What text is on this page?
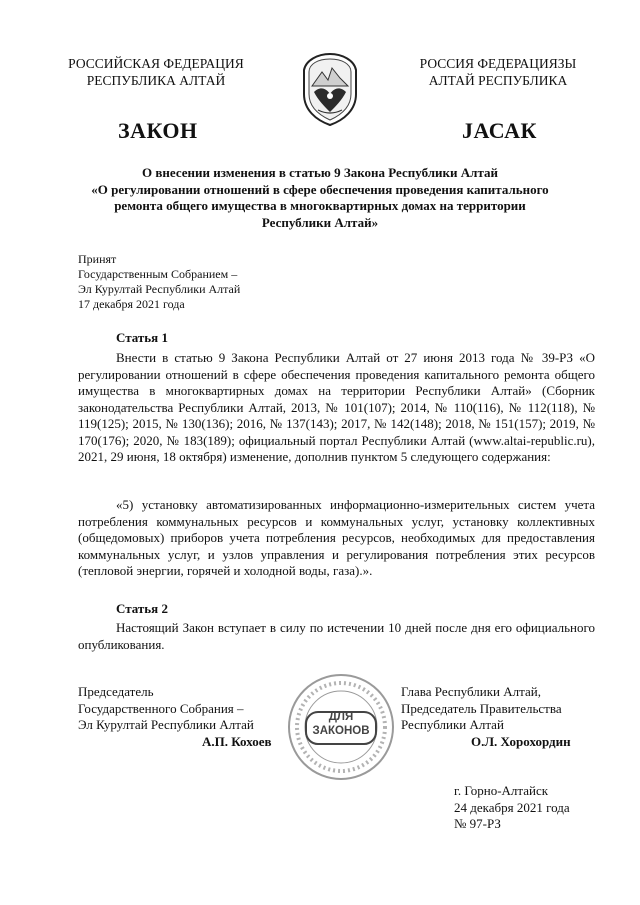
РОССИЙСКАЯ ФЕДЕРАЦИЯ
РЕСПУБЛИКА АЛТАЙ
РОССИЯ ФЕДЕРАЦИЯЗЫ
АЛТАЙ РЕСПУБЛИКА
ЗАКОН	JАСАК
О внесении изменения в статью 9 Закона Республики Алтай
«О регулировании отношений в сфере обеспечения проведения капитального
ремонта общего имущества в многоквартирных домах на территории
Республики Алтай»
Принят
Государственным Собранием –
Эл Курултай Республики Алтай
17 декабря 2021 года
Статья 1
Внести в статью 9 Закона Республики Алтай от 27 июня 2013 года № 39-РЗ «О регулировании отношений в сфере обеспечения проведения капитального ремонта общего имущества в многоквартирных домах на территории Республики Алтай» (Сборник законодательства Республики Алтай, 2013, № 101(107); 2014, № 110(116), № 112(118), № 119(125); 2015, № 130(136); 2016, № 137(143); 2017, № 142(148); 2018, № 151(157); 2019, № 170(176); 2020, № 183(189); официальный портал Республики Алтай (www.altai-republic.ru), 2021, 29 июня, 18 октября) изменение, дополнив пунктом 5 следующего содержания:
«5) установку автоматизированных информационно-измерительных систем учета потребления коммунальных ресурсов и коммунальных услуг, установку коллективных (общедомовых) приборов учета потребления ресурсов, необходимых для предоставления коммунальных услуг, и узлов управления и регулирования потребления этих ресурсов (тепловой энергии, горячей и холодной воды, газа).».
Статья 2
Настоящий Закон вступает в силу по истечении 10 дней после дня его официального опубликования.
Председатель
Государственного Собрания –
Эл Курултай Республики Алтай
А.П. Кохоев
ДЛЯ
ЗАКОНОВ
Глава Республики Алтай,
Председатель Правительства
Республики Алтай
О.Л. Хорохордин
г. Горно-Алтайск
24 декабря 2021 года
№ 97-РЗ
